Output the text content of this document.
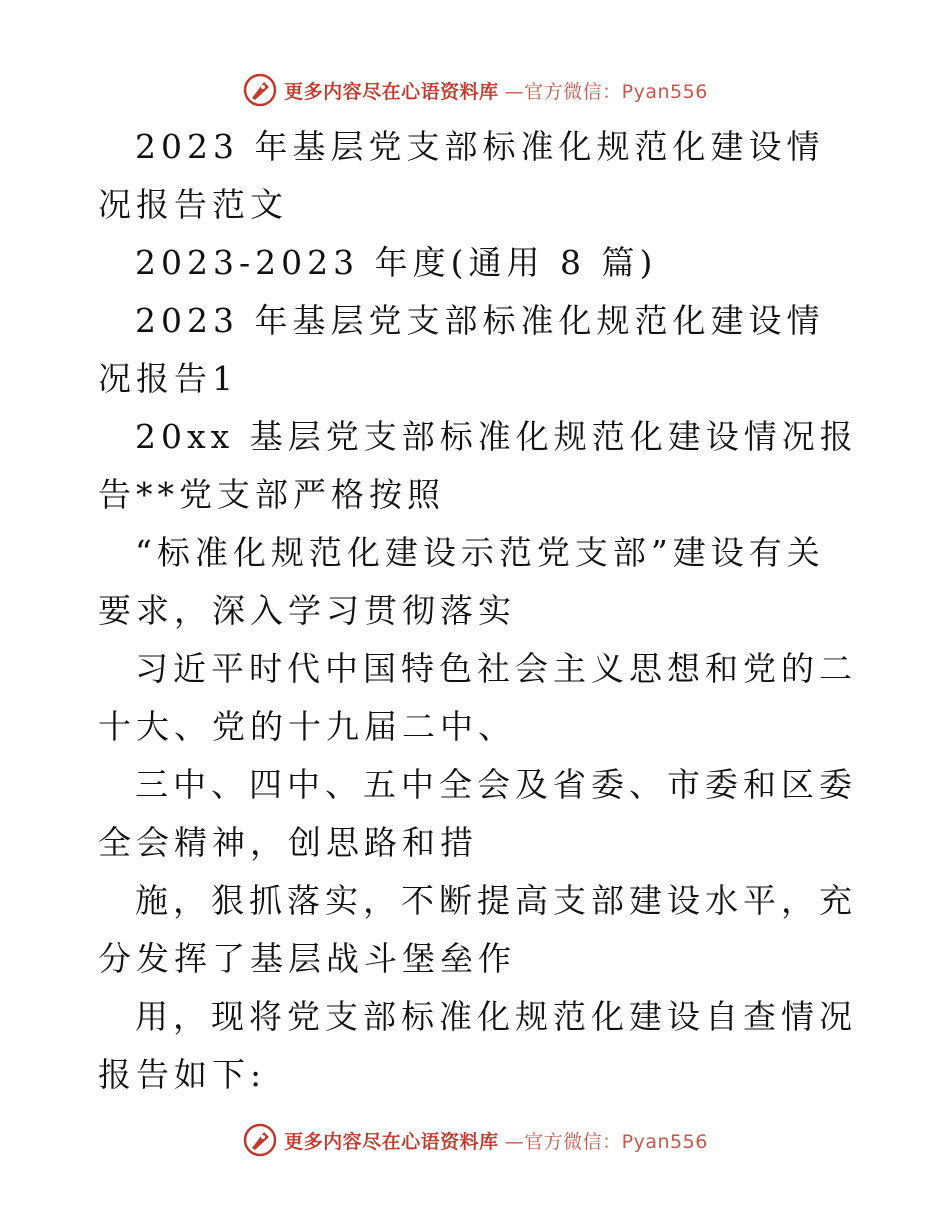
更多内容尽在心语资料库 —官方微信：Pyan556

2023 年基层党支部标准化规范化建设情况报告范文

2023-2023 年度(通用 8 篇)

2023 年基层党支部标准化规范化建设情况报告1

20xx 基层党支部标准化规范化建设情况报告**党支部严格按照

“标准化规范化建设示范党支部”建设有关要求，深入学习贯彻落实

习近平时代中国特色社会主义思想和党的二十大、党的十九届二中、

三中、四中、五中全会及省委、市委和区委全会精神，创思路和措

施，狠抓落实，不断提高支部建设水平，充分发挥了基层战斗堡垒作

用，现将党支部标准化规范化建设自查情况报告如下:

更多内容尽在心语资料库 —官方微信：Pyan556
